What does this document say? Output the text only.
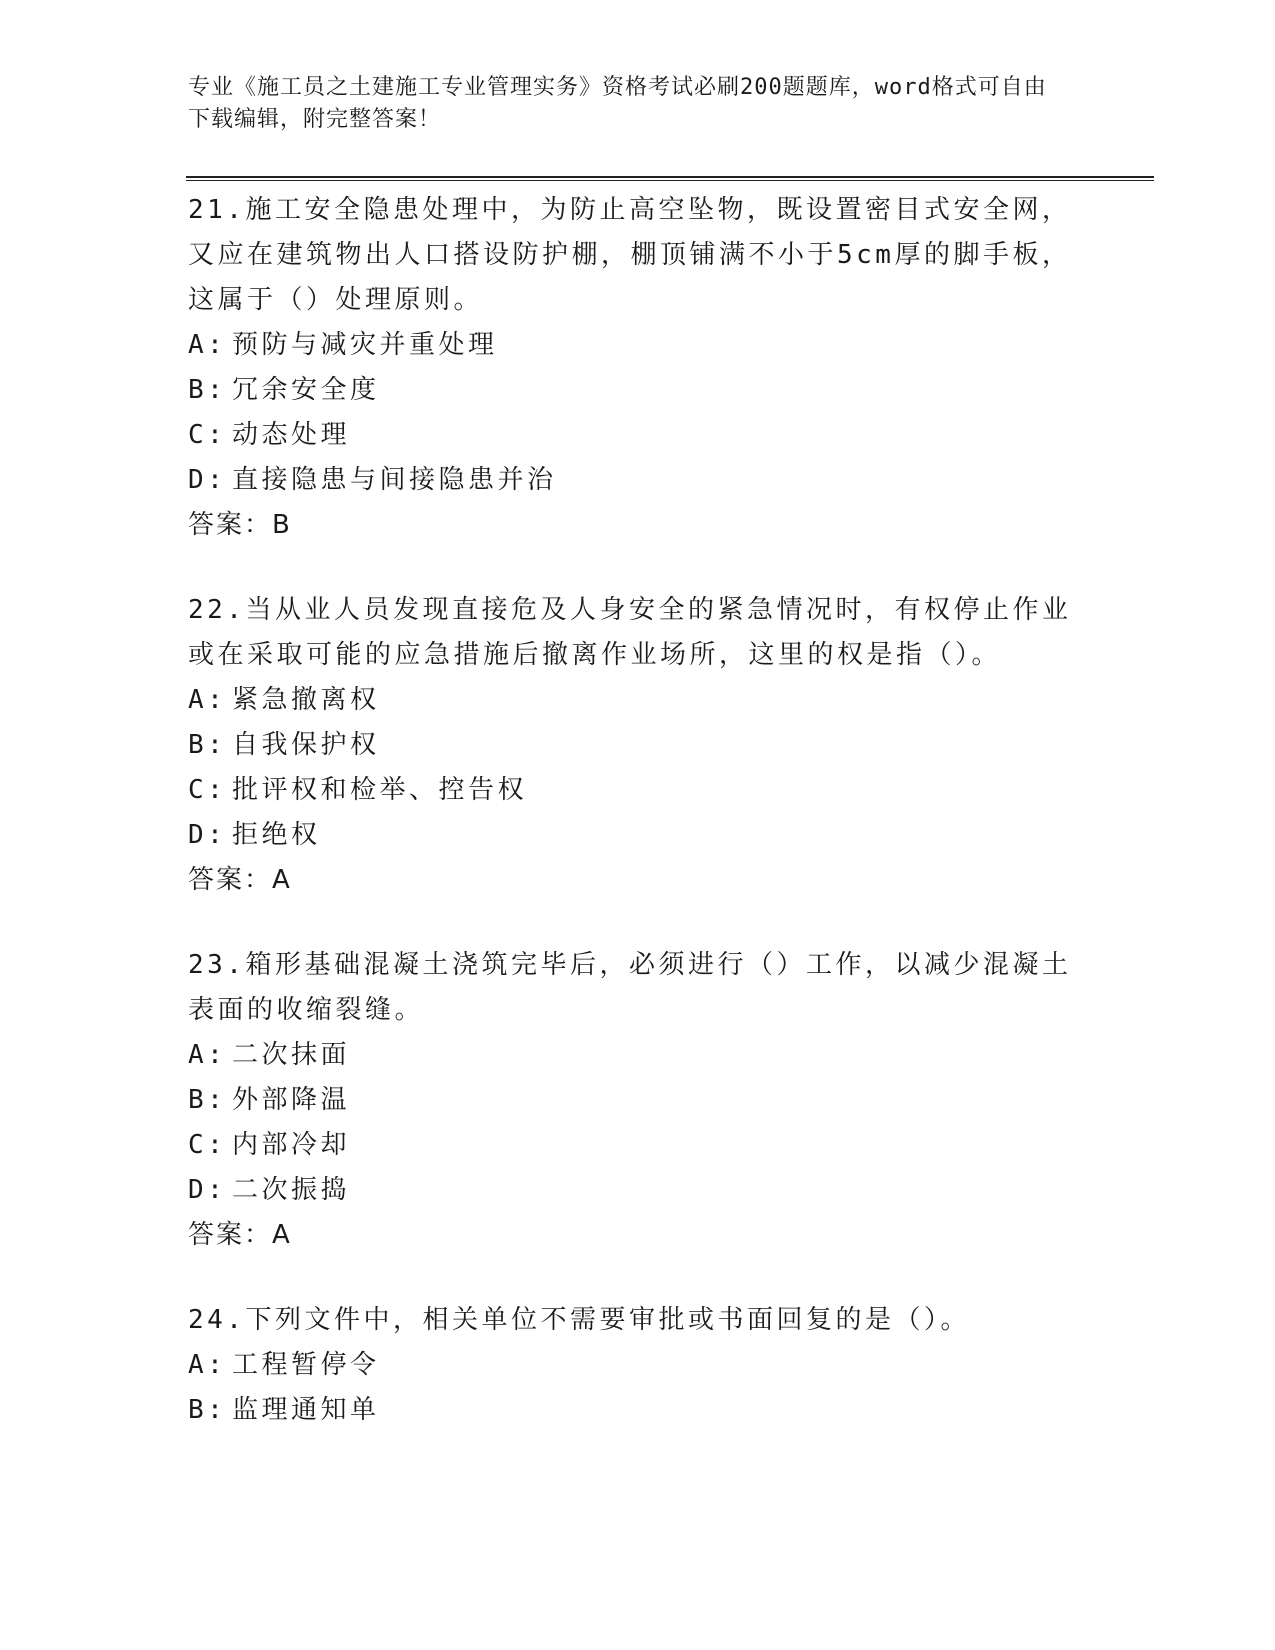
专业《施工员之土建施工专业管理实务》资格考试必刷200题题库，word格式可自由下载编辑，附完整答案！

21.施工安全隐患处理中，为防止高空坠物，既设置密目式安全网，又应在建筑物出人口搭设防护棚，棚顶铺满不小于5cm厚的脚手板，这属于（）处理原则。

A: 预防与减灾并重处理

B: 冗余安全度

C: 动态处理

D: 直接隐患与间接隐患并治

答案：B

22.当从业人员发现直接危及人身安全的紧急情况时，有权停止作业或在采取可能的应急措施后撤离作业场所，这里的权是指（）。

A: 紧急撤离权

B: 自我保护权

C: 批评权和检举、控告权

D: 拒绝权

答案：A

23.箱形基础混凝土浇筑完毕后，必须进行（）工作，以减少混凝土表面的收缩裂缝。

A: 二次抹面

B: 外部降温

C: 内部冷却

D: 二次振捣

答案：A

24.下列文件中，相关单位不需要审批或书面回复的是（）。

A: 工程暂停令

B: 监理通知单
